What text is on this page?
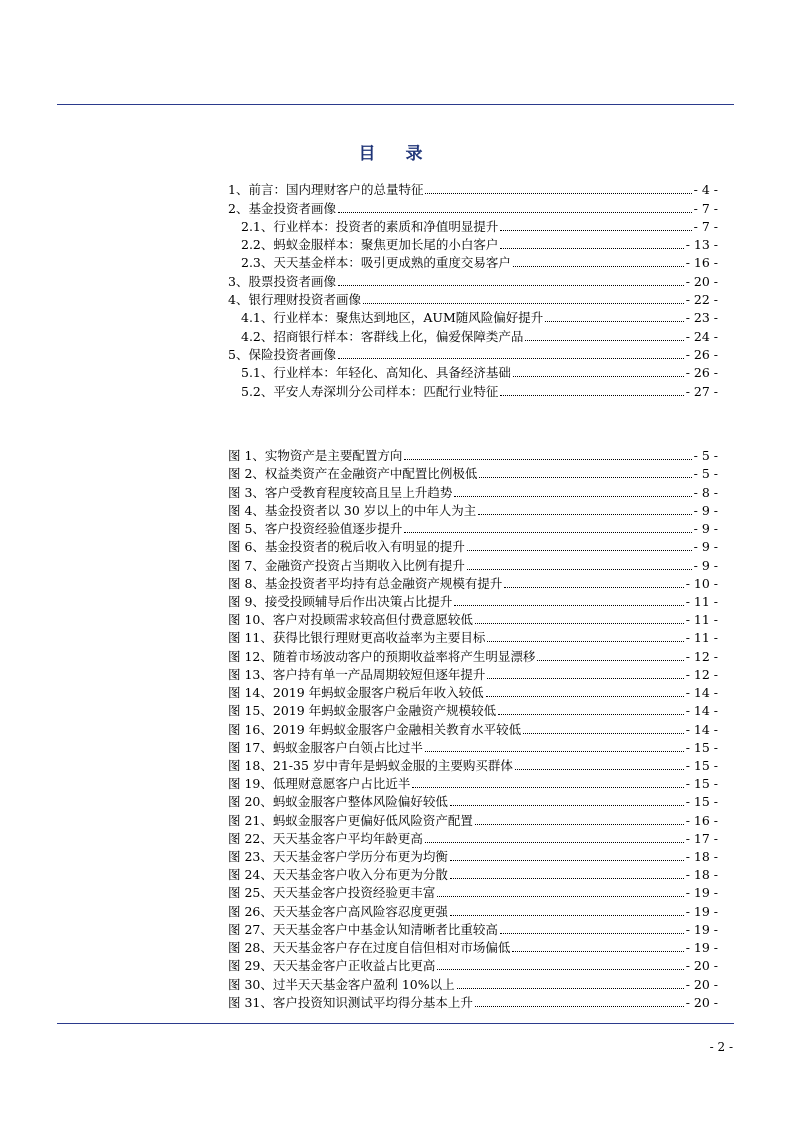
目 录
1、前言：国内理财客户的总量特征	- 4 -
2、基金投资者画像	- 7 -
2.1、行业样本：投资者的素质和净值明显提升	- 7 -
2.2、蚂蚁金服样本：聚焦更加长尾的小白客户	- 13 -
2.3、天天基金样本：吸引更成熟的重度交易客户	- 16 -
3、股票投资者画像	- 20 -
4、银行理财投资者画像	- 22 -
4.1、行业样本：聚焦达到地区，AUM随风险偏好提升	- 23 -
4.2、招商银行样本：客群线上化，偏爱保障类产品	- 24 -
5、保险投资者画像	- 26 -
5.1、行业样本：年轻化、高知化、具备经济基础	- 26 -
5.2、平安人寿深圳分公司样本：匹配行业特征	- 27 -
图 1、实物资产是主要配置方向	- 5 -
图 2、权益类资产在金融资产中配置比例极低	- 5 -
图 3、客户受教育程度较高且呈上升趋势	- 8 -
图 4、基金投资者以 30 岁以上的中年人为主	- 9 -
图 5、客户投资经验值逐步提升	- 9 -
图 6、基金投资者的税后收入有明显的提升	- 9 -
图 7、金融资产投资占当期收入比例有提升	- 9 -
图 8、基金投资者平均持有总金融资产规模有提升	- 10 -
图 9、接受投顾辅导后作出决策占比提升	- 11 -
图 10、客户对投顾需求较高但付费意愿较低	- 11 -
图 11、获得比银行理财更高收益率为主要目标	- 11 -
图 12、随着市场波动客户的预期收益率将产生明显漂移	- 12 -
图 13、客户持有单一产品周期较短但逐年提升	- 12 -
图 14、2019 年蚂蚁金服客户税后年收入较低	- 14 -
图 15、2019 年蚂蚁金服客户金融资产规模较低	- 14 -
图 16、2019 年蚂蚁金服客户金融相关教育水平较低	- 14 -
图 17、蚂蚁金服客户白领占比过半	- 15 -
图 18、21-35 岁中青年是蚂蚁金服的主要购买群体	- 15 -
图 19、低理财意愿客户占比近半	- 15 -
图 20、蚂蚁金服客户整体风险偏好较低	- 15 -
图 21、蚂蚁金服客户更偏好低风险资产配置	- 16 -
图 22、天天基金客户平均年龄更高	- 17 -
图 23、天天基金客户学历分布更为均衡	- 18 -
图 24、天天基金客户收入分布更为分散	- 18 -
图 25、天天基金客户投资经验更丰富	- 19 -
图 26、天天基金客户高风险容忍度更强	- 19 -
图 27、天天基金客户中基金认知清晰者比重较高	- 19 -
图 28、天天基金客户存在过度自信但相对市场偏低	- 19 -
图 29、天天基金客户正收益占比更高	- 20 -
图 30、过半天天基金客户盈利 10%以上	- 20 -
图 31、客户投资知识测试平均得分基本上升	- 20 -
- 2 -
